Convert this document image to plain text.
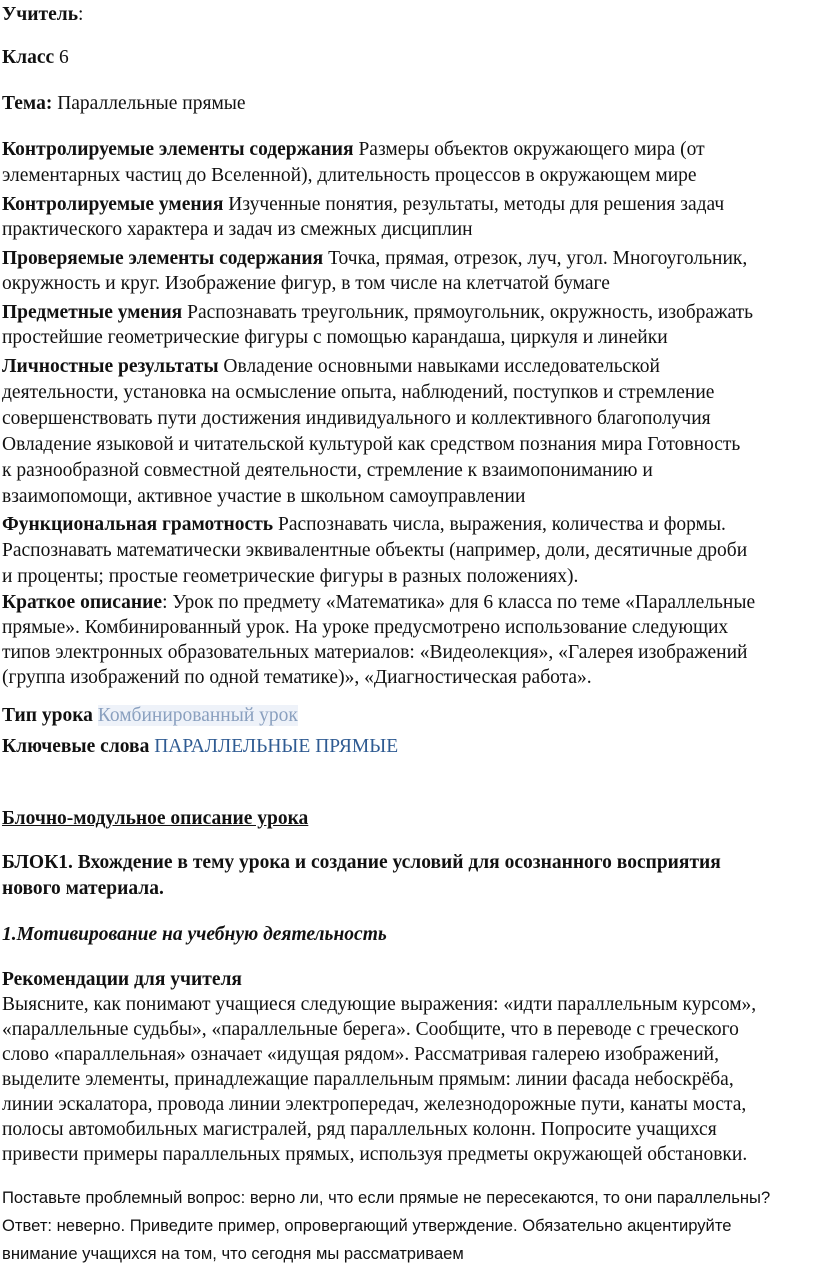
Учитель:
Класс 6
Тема: Параллельные прямые
Контролируемые элементы содержания Размеры объектов окружающего мира (от
элементарных частиц до Вселенной), длительность процессов в окружающем мире
Контролируемые умения Изученные понятия, результаты, методы для решения задач
практического характера и задач из смежных дисциплин
Проверяемые элементы содержания Точка, прямая, отрезок, луч, угол. Многоугольник,
окружность и круг. Изображение фигур, в том числе на клетчатой бумаге
Предметные умения Распознавать треугольник, прямоугольник, окружность, изображать
простейшие геометрические фигуры с помощью карандаша, циркуля и линейки
Личностные результаты Овладение основными навыками исследовательской
деятельности, установка на осмысление опыта, наблюдений, поступков и стремление
совершенствовать пути достижения индивидуального и коллективного благополучия
Овладение языковой и читательской культурой как средством познания мира Готовность
к разнообразной совместной деятельности, стремление к взаимопониманию и
взаимопомощи, активное участие в школьном самоуправлении
Функциональная грамотность Распознавать числа, выражения, количества и формы.
Распознавать математически эквивалентные объекты (например, доли, десятичные дроби
и проценты; простые геометрические фигуры в разных положениях).
Краткое описание: Урок по предмету «Математика» для 6 класса по теме «Параллельные
прямые». Комбинированный урок. На уроке предусмотрено использование следующих
типов электронных образовательных материалов: «Видеолекция», «Галерея изображений
(группа изображений по одной тематике)», «Диагностическая работа».
Тип урока Комбинированный урок
Ключевые слова ПАРАЛЛЕЛЬНЫЕ ПРЯМЫЕ
Блочно-модульное описание урока
БЛОК1. Вхождение в тему урока и создание условий для осознанного восприятия
нового материала.
1.Мотивирование на учебную деятельность
Рекомендации для учителя
Выясните, как понимают учащиеся следующие выражения: «идти параллельным курсом»,
«параллельные судьбы», «параллельные берега». Сообщите, что в переводе с греческого
слово «параллельная» означает «идущая рядом». Рассматривая галерею изображений,
выделите элементы, принадлежащие параллельным прямым: линии фасада небоскрёба,
линии эскалатора, провода линии электропередач, железнодорожные пути, канаты моста,
полосы автомобильных магистралей, ряд параллельных колонн. Попросите учащихся
привести примеры параллельных прямых, используя предметы окружающей обстановки.
Поставьте проблемный вопрос: верно ли, что если прямые не пересекаются, то они параллельны?
Ответ: неверно. Приведите пример, опровергающий утверждение. Обязательно акцентируйте
внимание учащихся на том, что сегодня мы рассматриваем
